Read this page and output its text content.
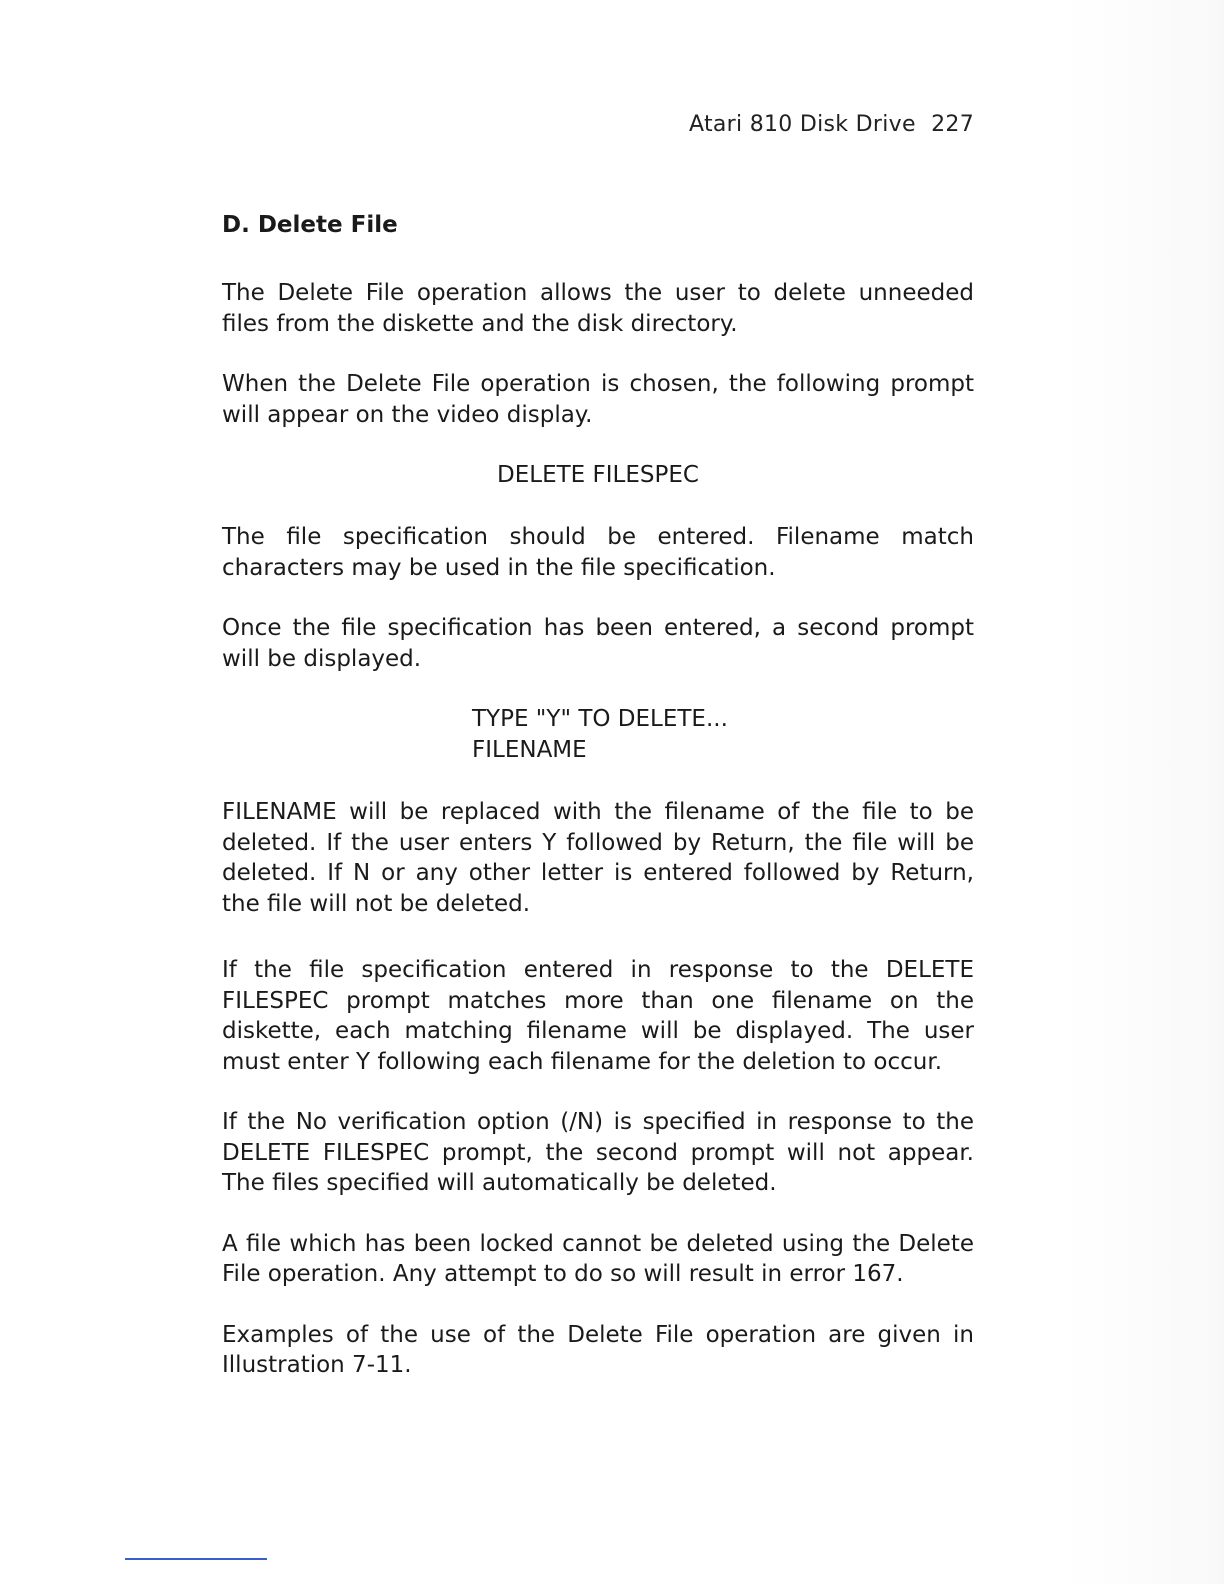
Atari 810 Disk Drive 227
D. Delete File

The Delete File operation allows the user to delete unneeded files from the diskette and the disk directory.

When the Delete File operation is chosen, the following prompt will appear on the video display.

DELETE FILESPEC

The file specification should be entered. Filename match characters may be used in the file specification.

Once the file specification has been entered, a second prompt will be displayed.

TYPE "Y" TO DELETE...
FILENAME

FILENAME will be replaced with the filename of the file to be deleted. If the user enters Y followed by Return, the file will be deleted. If N or any other letter is entered followed by Return, the file will not be deleted.

If the file specification entered in response to the DELETE FILESPEC prompt matches more than one filename on the diskette, each matching filename will be displayed. The user must enter Y following each filename for the deletion to occur.

If the No verification option (/N) is specified in response to the DELETE FILESPEC prompt, the second prompt will not appear. The files specified will automatically be deleted.

A file which has been locked cannot be deleted using the Delete File operation. Any attempt to do so will result in error 167.

Examples of the use of the Delete File operation are given in Illustration 7-11.
